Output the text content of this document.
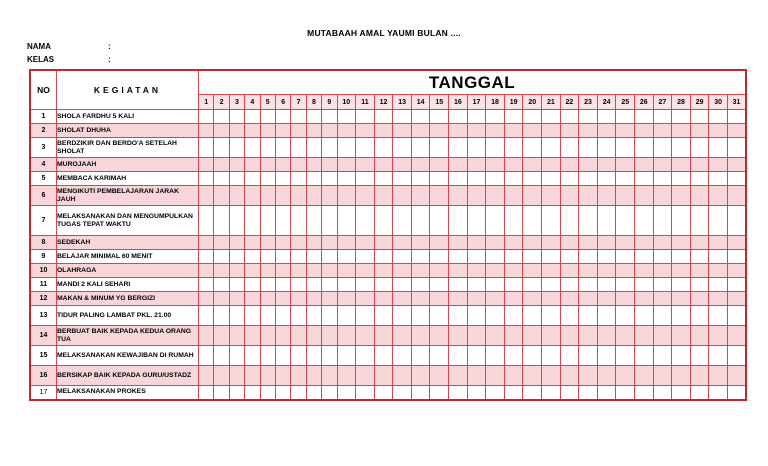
MUTABAAH AMAL YAUMI BULAN ....
NAMA	:
KELAS	:
NO	KEGIATAN	TANGGAL																														
		1	2	3	4	5	6	7	8	9	10	11	12	13	14	15	16	17	18	19	20	21	22	23	24	25	26	27	28	29	30	31
1	SHOLA FARDHU 5 KALI																															
2	SHOLAT DHUHA																															
3	BERDZIKIR DAN BERDO'A SETELAH SHOLAT																															
4	MUROJAAH																															
5	MEMBACA KARIMAH																															
6	MENGIKUTI PEMBELAJARAN JARAK JAUH																															
7	MELAKSANAKAN DAN MENGUMPULKAN TUGAS TEPAT WAKTU																															
8	SEDEKAH																															
9	BELAJAR MINIMAL 60 MENIT																															
10	OLAHRAGA																															
11	MANDI 2 KALI SEHARI																															
12	MAKAN & MINUM YG BERGIZI																															
13	TIDUR PALING LAMBAT PKL. 21.00																															
14	BERBUAT BAIK KEPADA KEDUA ORANG TUA																															
15	MELAKSANAKAN KEWAJIBAN DI RUMAH																															
16	BERSIKAP BAIK KEPADA GURU/USTADZ																															
17	MELAKSANAKAN PROKES																															
